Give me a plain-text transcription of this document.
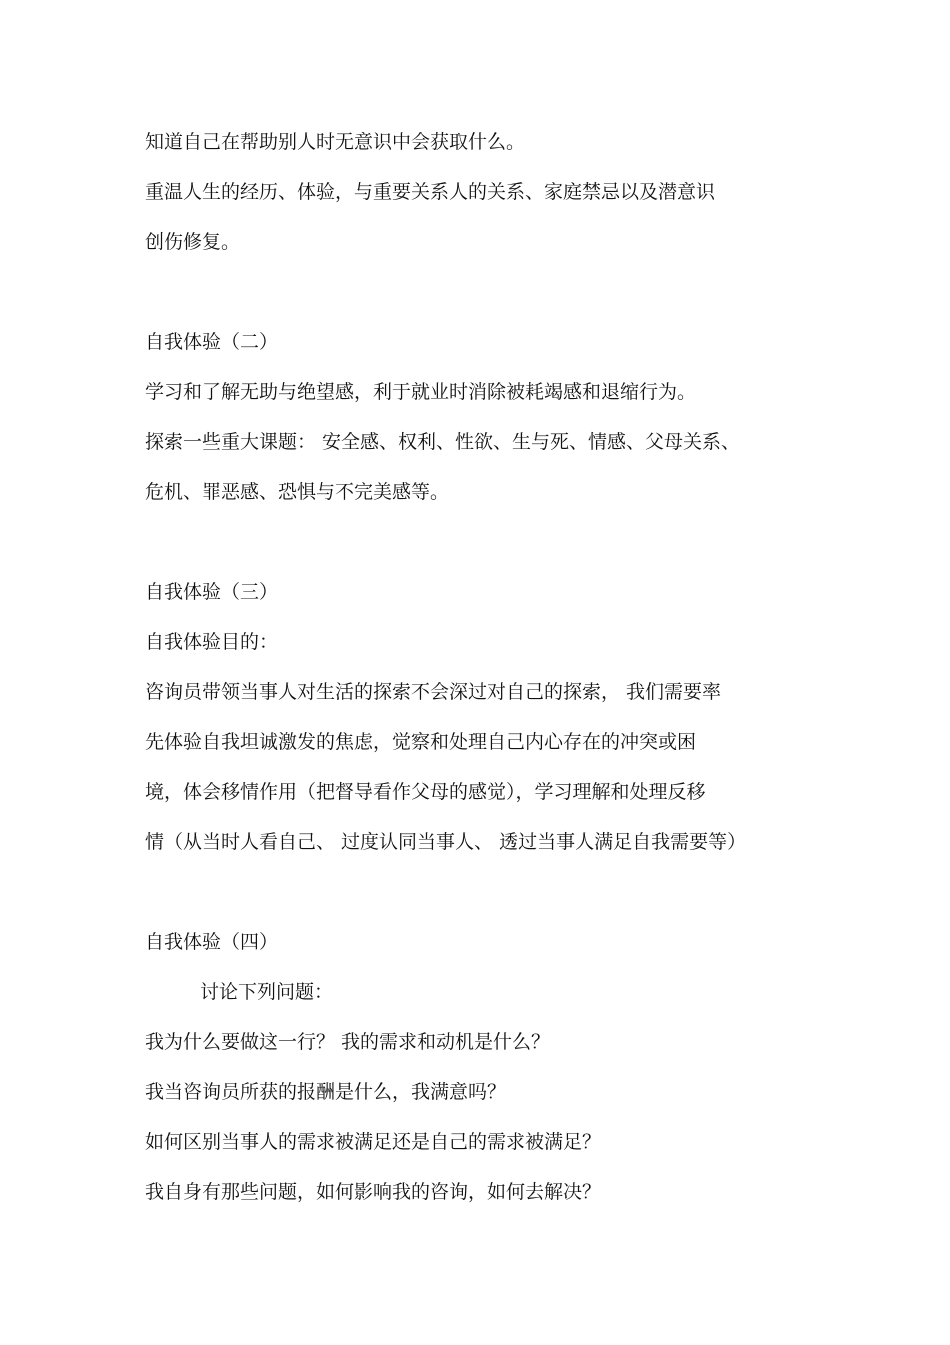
知道自己在帮助别人时无意识中会获取什么。

重温人生的经历、体验，与重要关系人的关系、家庭禁忌以及潜意识

创伤修复。

自我体验（二）

学习和了解无助与绝望感，利于就业时消除被耗竭感和退缩行为。

探索一些重大课题： 安全感、权利、性欲、生与死、情感、父母关系、

危机、罪恶感、恐惧与不完美感等。

自我体验（三）

自我体验目的：

咨询员带领当事人对生活的探索不会深过对自己的探索， 我们需要率

先体验自我坦诚激发的焦虑，觉察和处理自己内心存在的冲突或困

境，体会移情作用（把督导看作父母的感觉），学习理解和处理反移

情（从当时人看自己、 过度认同当事人、 透过当事人满足自我需要等）

自我体验（四）

讨论下列问题：

我为什么要做这一行？ 我的需求和动机是什么？

我当咨询员所获的报酬是什么，我满意吗？

如何区别当事人的需求被满足还是自己的需求被满足？

我自身有那些问题，如何影响我的咨询，如何去解决？
